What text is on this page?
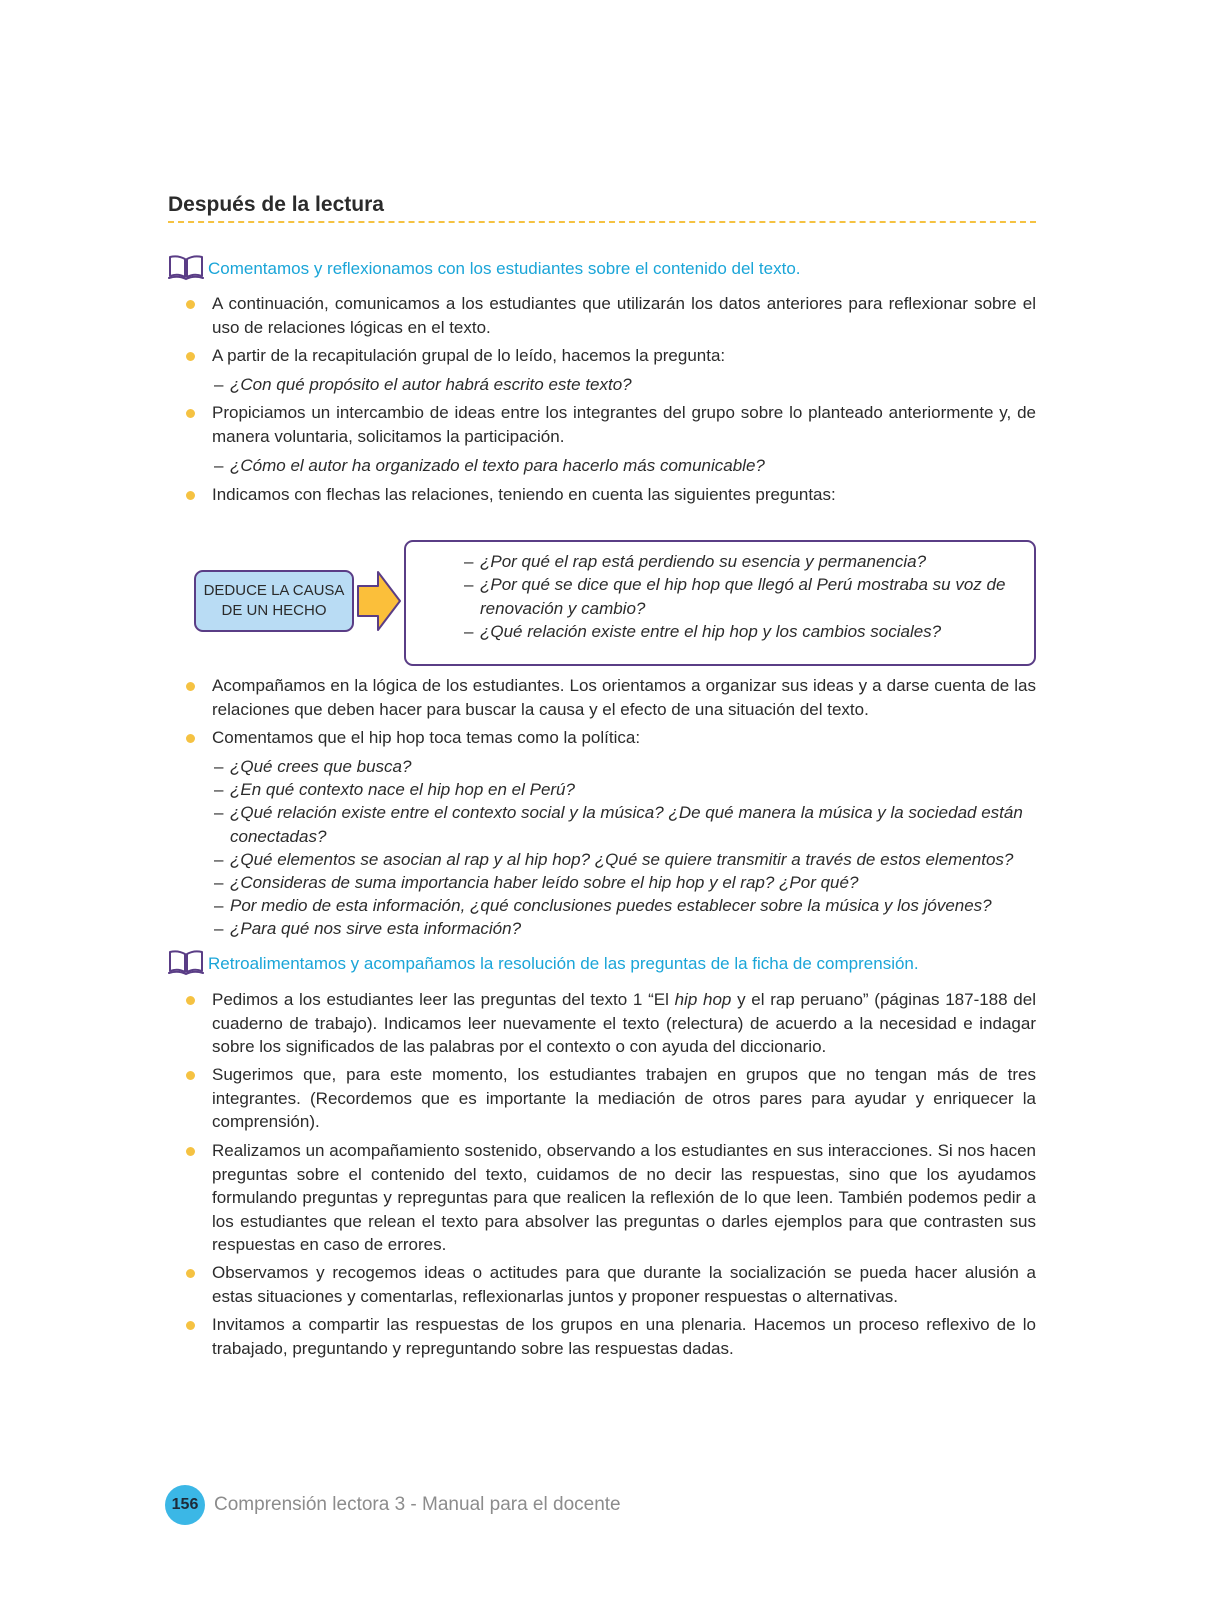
Después de la lectura
Comentamos y reflexionamos con los estudiantes sobre el contenido del texto.
A continuación, comunicamos a los estudiantes que utilizarán los datos anteriores para reflexionar sobre el uso de relaciones lógicas en el texto.
A partir de la recapitulación grupal de lo leído, hacemos la pregunta:
– ¿Con qué propósito el autor habrá escrito este texto?
Propiciamos un intercambio de ideas entre los integrantes del grupo sobre lo planteado anteriormente y, de manera voluntaria, solicitamos la participación.
– ¿Cómo el autor ha organizado el texto para hacerlo más comunicable?
Indicamos con flechas las relaciones, teniendo en cuenta las siguientes preguntas:
DEDUCE LA CAUSA DE UN HECHO
– ¿Por qué el rap está perdiendo su esencia y permanencia?
– ¿Por qué se dice que el hip hop que llegó al Perú mostraba su voz de renovación y cambio?
– ¿Qué relación existe entre el hip hop y los cambios sociales?
Acompañamos en la lógica de los estudiantes. Los orientamos a organizar sus ideas y a darse cuenta de las relaciones que deben hacer para buscar la causa y el efecto de una situación del texto.
Comentamos que el hip hop toca temas como la política:
– ¿Qué crees que busca?
– ¿En qué contexto nace el hip hop en el Perú?
– ¿Qué relación existe entre el contexto social y la música? ¿De qué manera la música y la sociedad están conectadas?
– ¿Qué elementos se asocian al rap y al hip hop? ¿Qué se quiere transmitir a través de estos elementos?
– ¿Consideras de suma importancia haber leído sobre el hip hop y el rap? ¿Por qué?
– Por medio de esta información, ¿qué conclusiones puedes establecer sobre la música y los jóvenes?
– ¿Para qué nos sirve esta información?
Retroalimentamos y acompañamos la resolución de las preguntas de la ficha de comprensión.
Pedimos a los estudiantes leer las preguntas del texto 1 “El hip hop y el rap peruano” (páginas 187-188 del cuaderno de trabajo). Indicamos leer nuevamente el texto (relectura) de acuerdo a la necesidad e indagar sobre los significados de las palabras por el contexto o con ayuda del diccionario.
Sugerimos que, para este momento, los estudiantes trabajen en grupos que no tengan más de tres integrantes. (Recordemos que es importante la mediación de otros pares para ayudar y enriquecer la comprensión).
Realizamos un acompañamiento sostenido, observando a los estudiantes en sus interacciones. Si nos hacen preguntas sobre el contenido del texto, cuidamos de no decir las respuestas, sino que los ayudamos formulando preguntas y repreguntas para que realicen la reflexión de lo que leen. También podemos pedir a los estudiantes que relean el texto para absolver las preguntas o darles ejemplos para que contrasten sus respuestas en caso de errores.
Observamos y recogemos ideas o actitudes para que durante la socialización se pueda hacer alusión a estas situaciones y comentarlas, reflexionarlas juntos y proponer respuestas o alternativas.
Invitamos a compartir las respuestas de los grupos en una plenaria. Hacemos un proceso reflexivo de lo trabajado, preguntando y repreguntando sobre las respuestas dadas.
156 Comprensión lectora 3 - Manual para el docente
